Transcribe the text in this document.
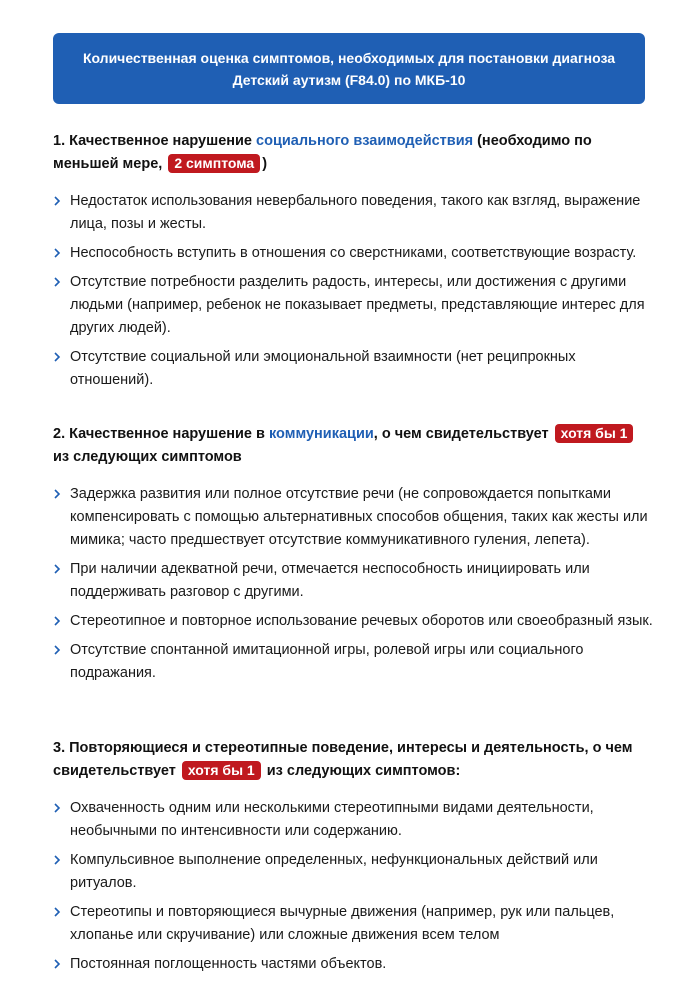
Количественная оценка симптомов, необходимых для постановки диагноза
Детский аутизм (F84.0) по МКБ-10
1. Качественное нарушение социального взаимодействия (необходимо по меньшей мере, 2 симптома )
Недостаток использования невербального поведения, такого как взгляд, выражение лица, позы и жесты.
Неспособность вступить в отношения со сверстниками, соответствующие возрасту.
Отсутствие потребности разделить радость, интересы, или достижения с другими людьми (например, ребенок не показывает предметы, представляющие интерес для других людей).
Отсутствие социальной или эмоциональной взаимности (нет реципрокных отношений).
2. Качественное нарушение в коммуникации, о чем свидетельствует хотя бы 1 из следующих симптомов
Задержка развития или полное отсутствие речи (не сопровождается попытками компенсировать с помощью альтернативных способов общения, таких как жесты или мимика; часто предшествует отсутствие коммуникативного гуления, лепета).
При наличии адекватной речи, отмечается неспособность инициировать или поддерживать разговор с другими.
Стереотипное и повторное использование речевых оборотов или своеобразный язык.
Отсутствие спонтанной имитационной игры, ролевой игры или социального подражания.
3. Повторяющиеся и стереотипные поведение, интересы и деятельность, о чем свидетельствует хотя бы 1 из следующих симптомов:
Охваченность одним или несколькими стереотипными видами деятельности, необычными по интенсивности или содержанию.
Компульсивное выполнение определенных, нефункциональных действий или ритуалов.
Стереотипы и повторяющиеся вычурные движения (например, рук или пальцев, хлопанье или скручивание) или сложные движения всем телом
Постоянная поглощенность частями объектов.
